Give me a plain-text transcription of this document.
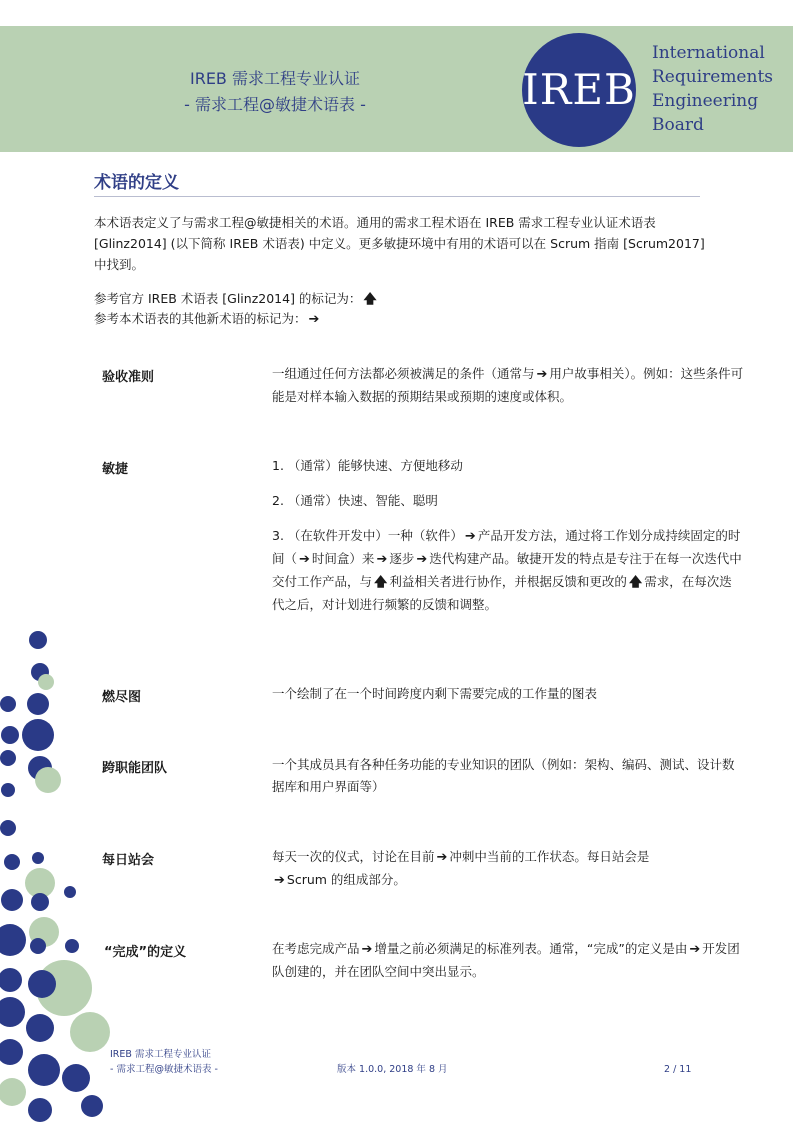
IREB 需求工程专业认证
- 需求工程@敏捷术语表 -	IREB
International
Requirements
Engineering
Board
术语的定义
本术语表定义了与需求工程@敏捷相关的术语。通用的需求工程术语在 IREB 需求工程专业认证术语表 [Glinz2014] (以下简称 IREB 术语表) 中定义。更多敏捷环境中有用的术语可以在 Scrum 指南 [Scrum2017] 中找到。
参考官方 IREB 术语表 [Glinz2014] 的标记为： 🡅
参考本术语表的其他新术语的标记为： ➔
验收准则	一组通过任何方法都必须被满足的条件（通常与 ➔ 用户故事相关）。例如：这些条件可能是对样本输入数据的预期结果或预期的速度或体积。
敏捷	1. （通常）能够快速、方便地移动

2. （通常）快速、智能、聪明

3. （在软件开发中）一种（软件） ➔ 产品开发方法，通过将工作划分成持续固定的时间（ ➔ 时间盒）来 ➔ 逐步 ➔ 迭代构建产品。敏捷开发的特点是专注于在每一次迭代中交付工作产品，与 🡅 利益相关者进行协作，并根据反馈和更改的 🡅 需求，在每次迭代之后，对计划进行频繁的反馈和调整。

燃尽图	一个绘制了在一个时间跨度内剩下需要完成的工作量的图表
跨职能团队	一个其成员具有各种任务功能的专业知识的团队（例如：架构、编码、测试、设计数据库和用户界面等）
每日站会	每天一次的仪式，讨论在目前 ➔ 冲刺中当前的工作状态。每日站会是
➔ Scrum 的组成部分。
“完成”的定义	在考虑完成产品 ➔ 增量之前必须满足的标准列表。通常，“完成”的定义是由 ➔ 开发团队创建的，并在团队空间中突出显示。
IREB 需求工程专业认证
- 需求工程@敏捷术语表 -	版本 1.0.0, 2018 年 8 月	2 / 11
